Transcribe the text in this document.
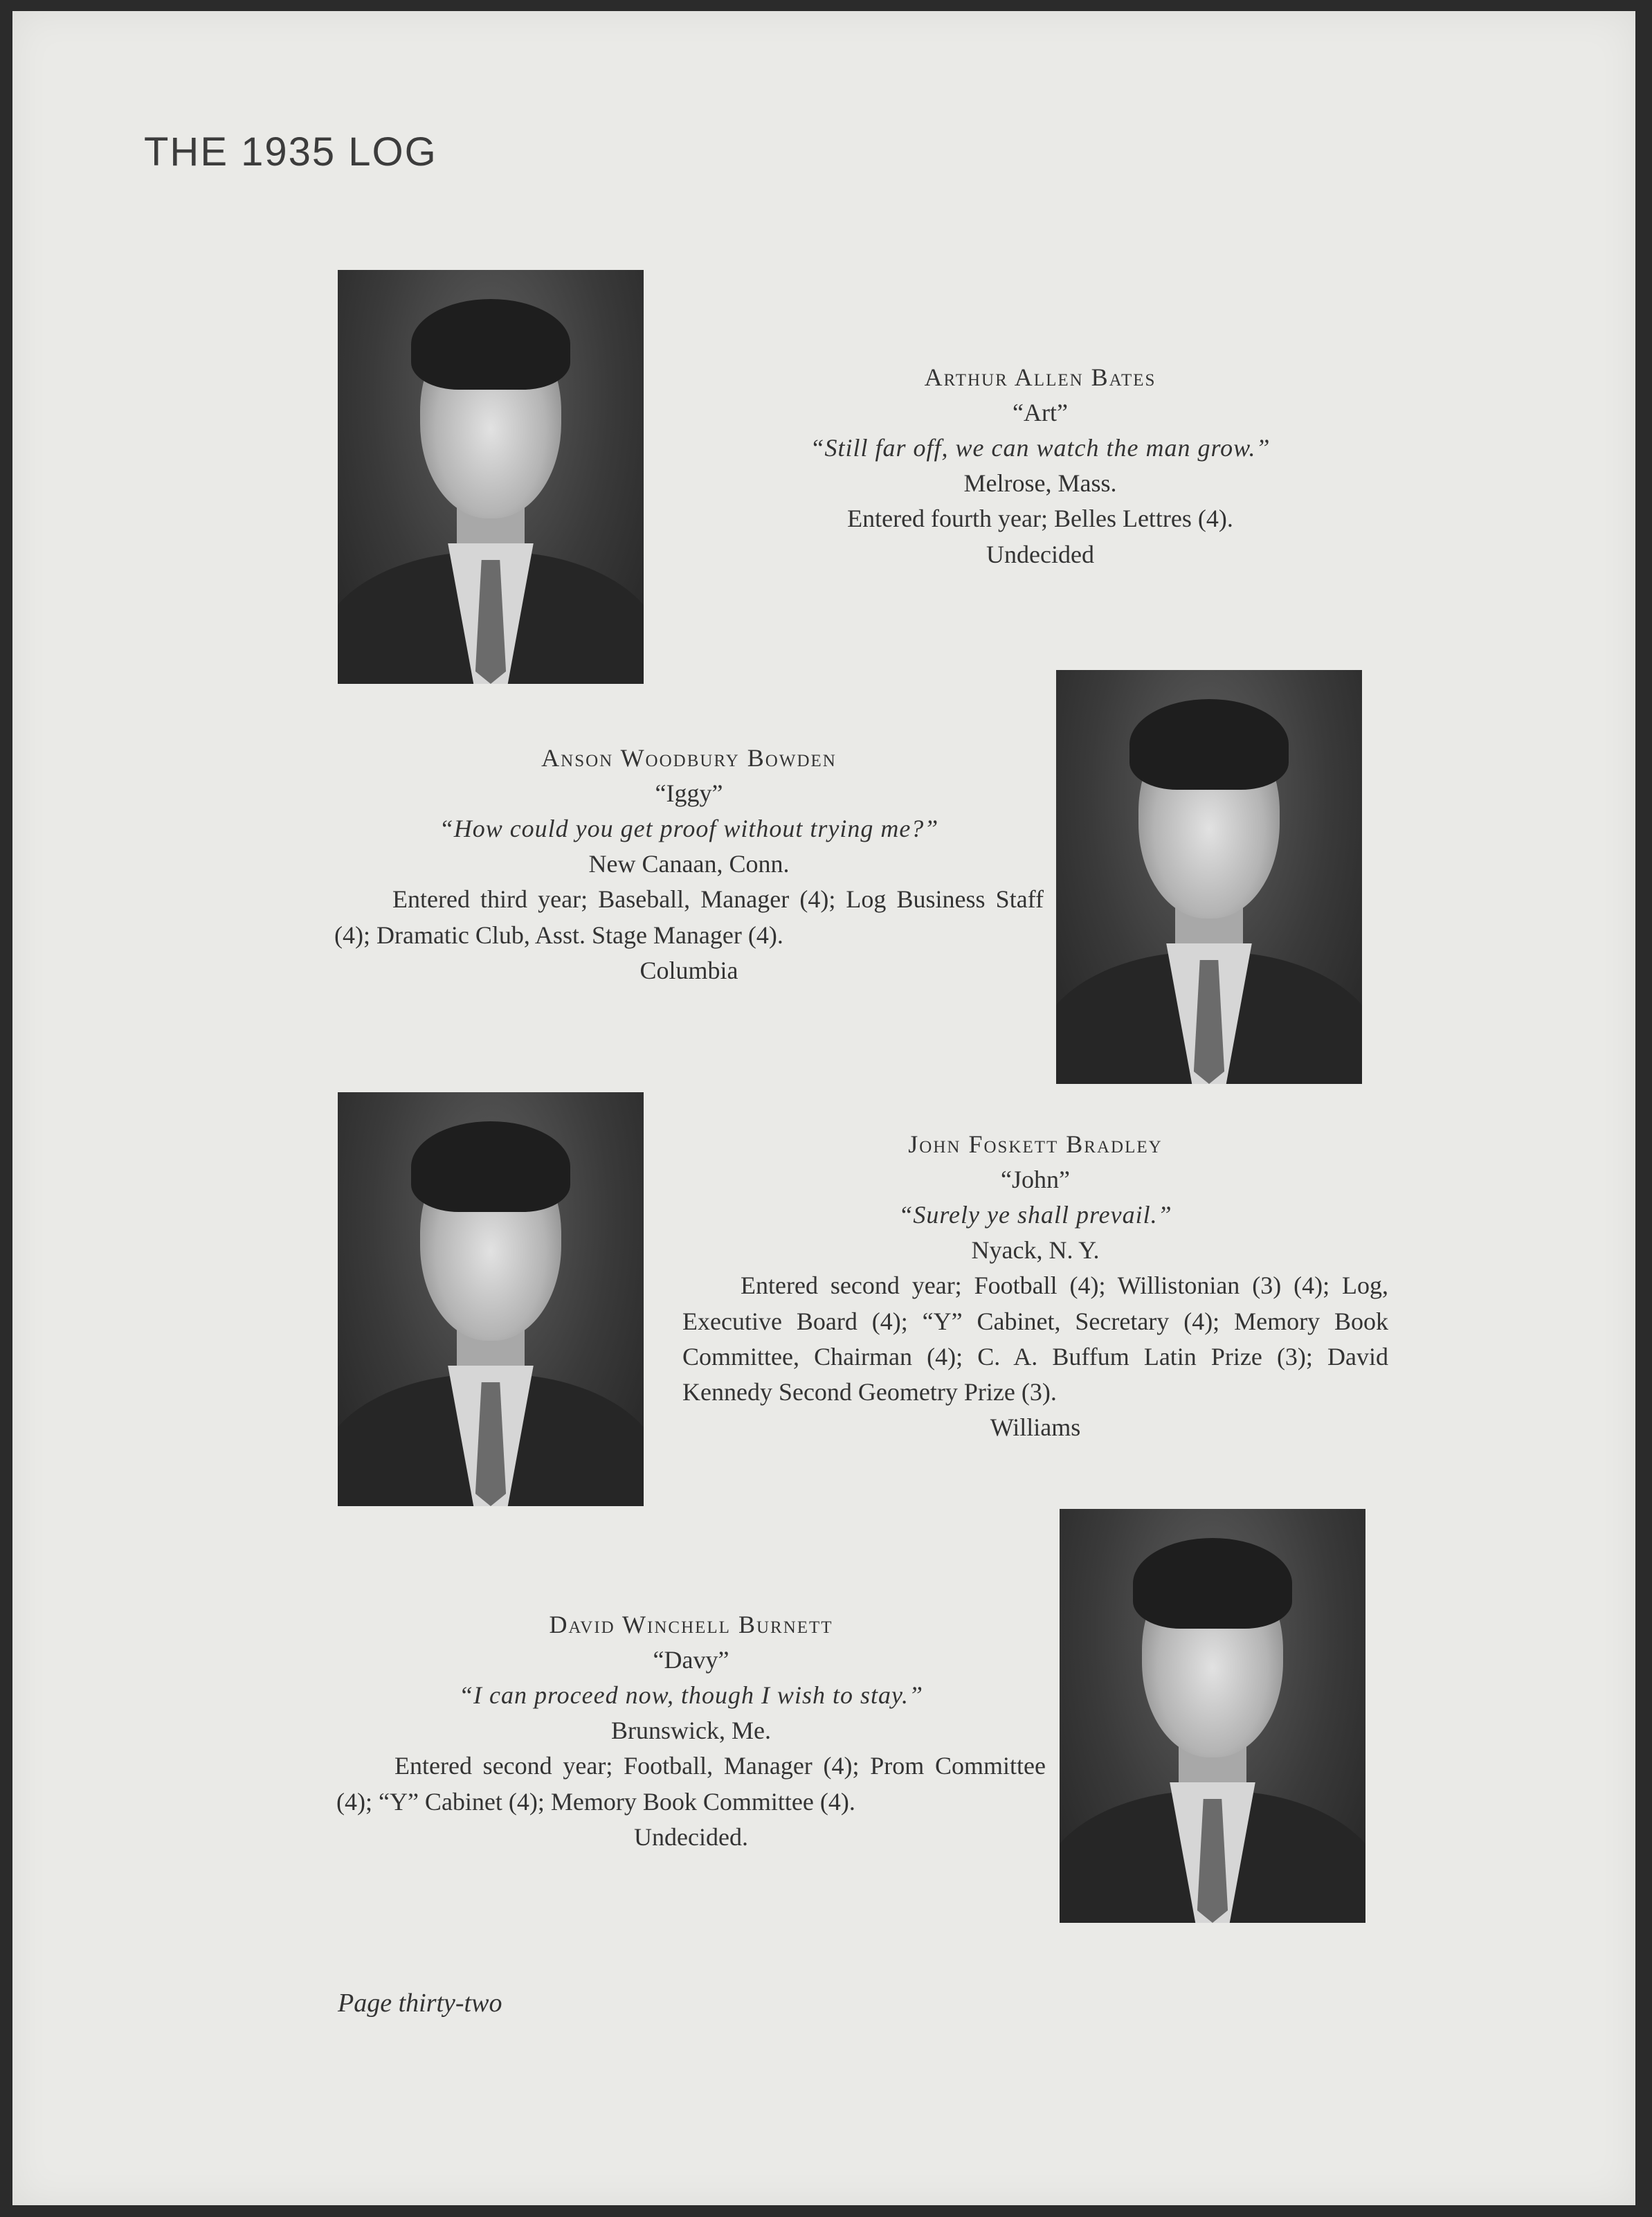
THE 1935 LOG
Arthur Allen Bates
“Art”
“Still far off, we can watch the man grow.”
Melrose, Mass.
Entered fourth year; Belles Lettres (4).
Undecided
Anson Woodbury Bowden
“Iggy”
“How could you get proof without trying me?”
New Canaan, Conn.
Entered third year; Baseball, Manager (4); Log Business Staff (4); Dramatic Club, Asst. Stage Manager (4).
Columbia
John Foskett Bradley
“John”
“Surely ye shall prevail.”
Nyack, N. Y.
Entered second year; Football (4); Willistonian (3) (4); Log, Executive Board (4); “Y” Cabinet, Secretary (4); Memory Book Committee, Chairman (4); C. A. Buffum Latin Prize (3); David Kennedy Second Geometry Prize (3).
Williams
David Winchell Burnett
“Davy”
“I can proceed now, though I wish to stay.”
Brunswick, Me.
Entered second year; Football, Manager (4); Prom Committee (4); “Y” Cabinet (4); Memory Book Committee (4).
Undecided.
Page thirty-two
